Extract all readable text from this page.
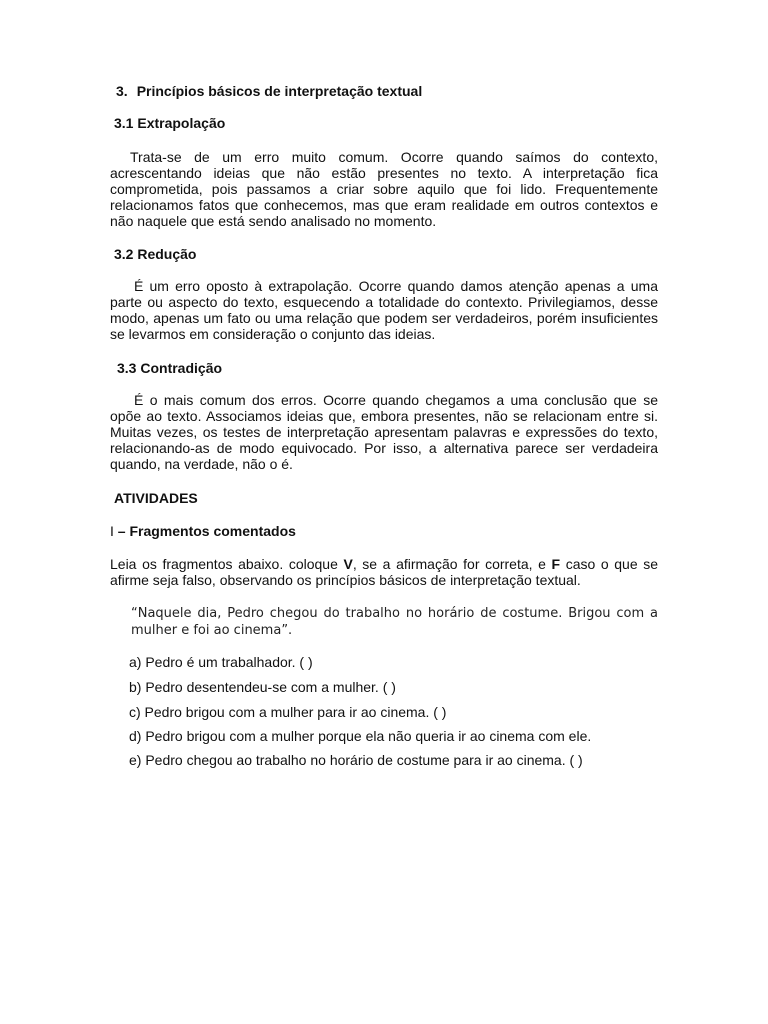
3. Princípios básicos de interpretação textual

3.1 Extrapolação

Trata-se de um erro muito comum. Ocorre quando saímos do contexto, acrescentando ideias que não estão presentes no texto. A interpretação fica comprometida, pois passamos a criar sobre aquilo que foi lido. Frequentemente relacionamos fatos que conhecemos, mas que eram realidade em outros contextos e não naquele que está sendo analisado no momento.

3.2 Redução

É um erro oposto à extrapolação. Ocorre quando damos atenção apenas a uma parte ou aspecto do texto, esquecendo a totalidade do contexto. Privilegiamos, desse modo, apenas um fato ou uma relação que podem ser verdadeiros, porém insuficientes se levarmos em consideração o conjunto das ideias.

3.3 Contradição

É o mais comum dos erros. Ocorre quando chegamos a uma conclusão que se opõe ao texto. Associamos ideias que, embora presentes, não se relacionam entre si. Muitas vezes, os testes de interpretação apresentam palavras e expressões do texto, relacionando-as de modo equivocado. Por isso, a alternativa parece ser verdadeira quando, na verdade, não o é.

ATIVIDADES

I – Fragmentos comentados

Leia os fragmentos abaixo. coloque V, se a afirmação for correta, e F caso o que se afirme seja falso, observando os princípios básicos de interpretação textual.

“Naquele dia, Pedro chegou do trabalho no horário de costume. Brigou com a mulher e foi ao cinema”.

a) Pedro é um trabalhador. ( )

b) Pedro desentendeu-se com a mulher. ( )

c) Pedro brigou com a mulher para ir ao cinema. ( )

d) Pedro brigou com a mulher porque ela não queria ir ao cinema com ele.

e) Pedro chegou ao trabalho no horário de costume para ir ao cinema. ( )
